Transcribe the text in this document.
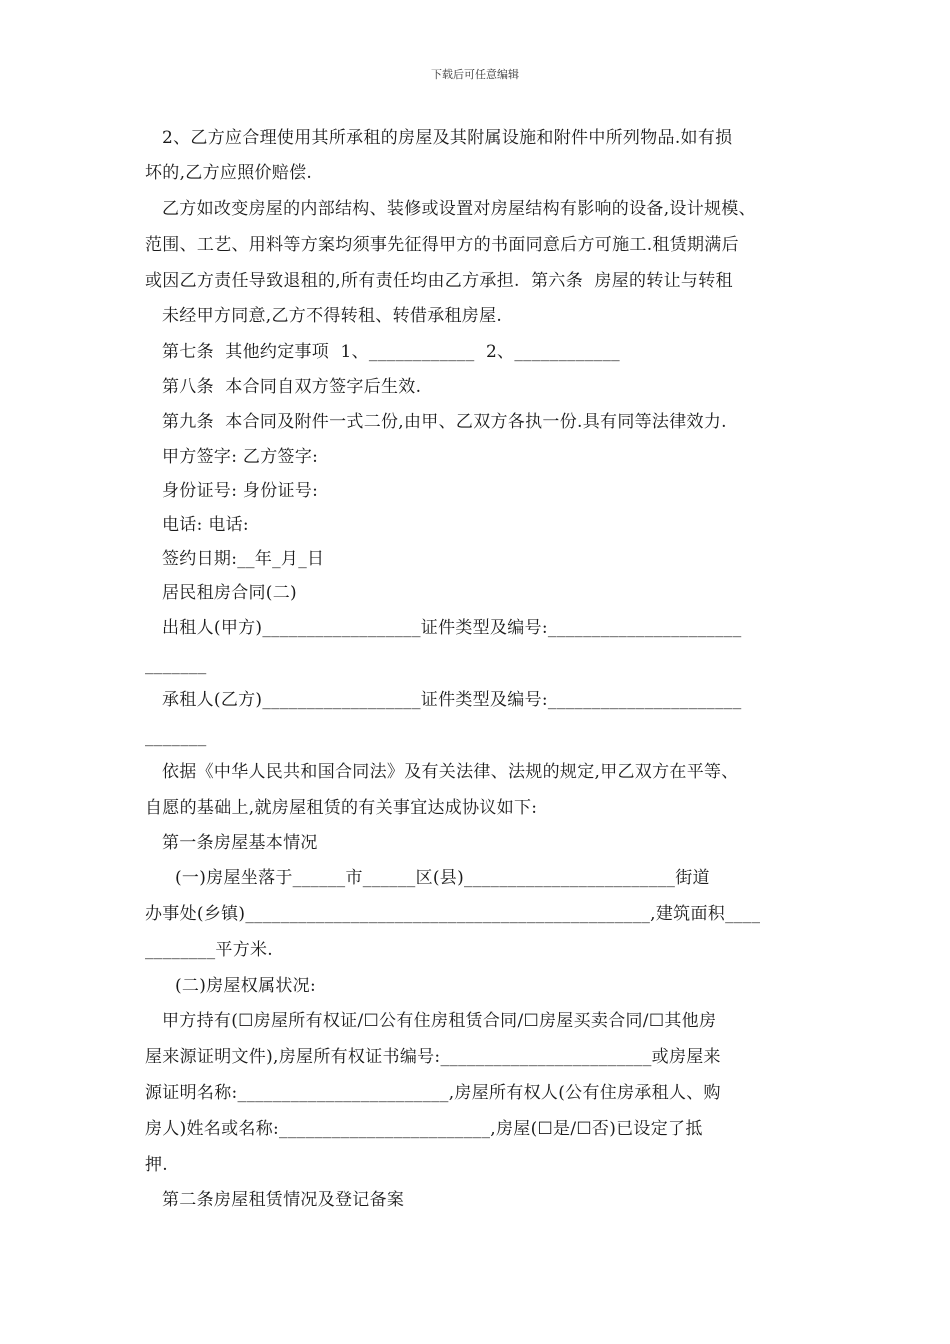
下载后可任意编辑
2、乙方应合理使用其所承租的房屋及其附属设施和附件中所列物品.如有损
坏的,乙方应照价赔偿.
乙方如改变房屋的内部结构、装修或设置对房屋结构有影响的设备,设计规模、
范围、工艺、用料等方案均须事先征得甲方的书面同意后方可施工.租赁期满后
或因乙方责任导致退租的,所有责任均由乙方承担.  第六条  房屋的转让与转租
未经甲方同意,乙方不得转租、转借承租房屋.
第七条  其他约定事项  1、____________  2、____________
第八条  本合同自双方签字后生效.
第九条  本合同及附件一式二份,由甲、乙双方各执一份.具有同等法律效力.
甲方签字: 乙方签字:
身份证号: 身份证号:
电话: 电话:
签约日期:__年_月_日
居民租房合同(二)
出租人(甲方)__________________证件类型及编号:______________________
_______
承租人(乙方)__________________证件类型及编号:______________________
_______
依据《中华人民共和国合同法》及有关法律、法规的规定,甲乙双方在平等、
自愿的基础上,就房屋租赁的有关事宜达成协议如下:
第一条房屋基本情况
(一)房屋坐落于______市______区(县)________________________街道
办事处(乡镇)______________________________________________,建筑面积____
________平方米.
(二)房屋权属状况:
甲方持有(☐房屋所有权证/☐公有住房租赁合同/☐房屋买卖合同/☐其他房
屋来源证明文件),房屋所有权证书编号:________________________或房屋来
源证明名称:________________________,房屋所有权人(公有住房承租人、购
房人)姓名或名称:________________________,房屋(☐是/☐否)已设定了抵
押.
第二条房屋租赁情况及登记备案
